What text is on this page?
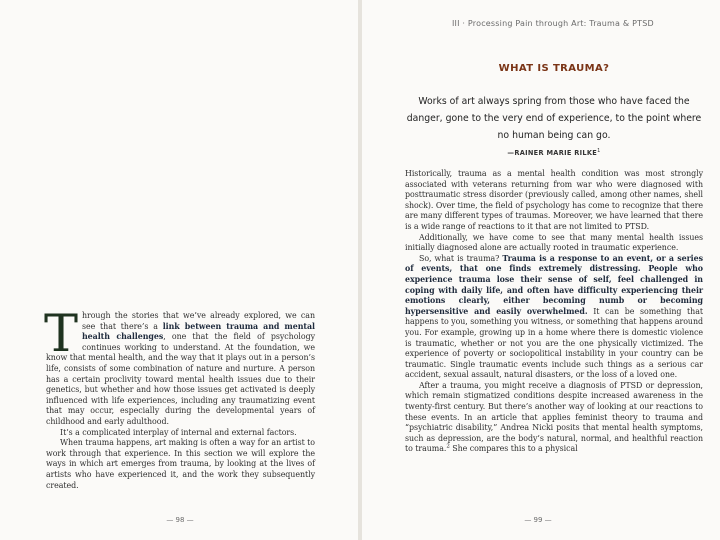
III · Processing Pain through Art: Trauma & PTSD
WHAT IS TRAUMA?
Works of art always spring from those who have faced the danger, gone to the very end of experience, to the point where no human being can go.
—RAINER MARIE RILKE$^1$

Through the stories that we’ve already explored, we can see that there’s a link between trauma and mental health challenges, one that the field of psychology continues working to understand. At the foundation, we know that mental health, and the way that it plays out in a person’s life, consists of some combination of nature and nurture. A person has a certain proclivity toward mental health issues due to their genetics, but whether and how those issues get activated is deeply influenced with life experiences, including any traumatizing event that may occur, especially during the developmental years of childhood and early adulthood.

It’s a complicated interplay of internal and external factors.

When trauma happens, art making is often a way for an artist to work through that experience. In this section we will explore the ways in which art emerges from trauma, by looking at the lives of artists who have experienced it, and the work they subsequently created.

Historically, trauma as a mental health condition was most strongly associated with veterans returning from war who were diagnosed with posttraumatic stress disorder (previously called, among other names, shell shock). Over time, the field of psychology has come to recognize that there are many different types of traumas. Moreover, we have learned that there is a wide range of reactions to it that are not limited to PTSD.

Additionally, we have come to see that many mental health issues initially diagnosed alone are actually rooted in traumatic experience.

So, what is trauma? Trauma is a response to an event, or a series of events, that one finds extremely distressing. People who experience trauma lose their sense of self, feel challenged in coping with daily life, and often have difficulty experiencing their emotions clearly, either becoming numb or becoming hypersensitive and easily overwhelmed. It can be something that happens to you, something you witness, or something that happens around you. For example, growing up in a home where there is domestic violence is traumatic, whether or not you are the one physically victimized. The experience of poverty or sociopolitical instability in your country can be traumatic. Single traumatic events include such things as a serious car accident, sexual assault, natural disasters, or the loss of a loved one.

After a trauma, you might receive a diagnosis of PTSD or depression, which remain stigmatized conditions despite increased awareness in the twenty-first century. But there’s another way of looking at our reactions to these events. In an article that applies feminist theory to trauma and “psychiatric disability,” Andrea Nicki posits that mental health symptoms, such as depression, are the body’s natural, normal, and healthful reaction to trauma.$^2$ She compares this to a physical

— 98 —	— 99 —
